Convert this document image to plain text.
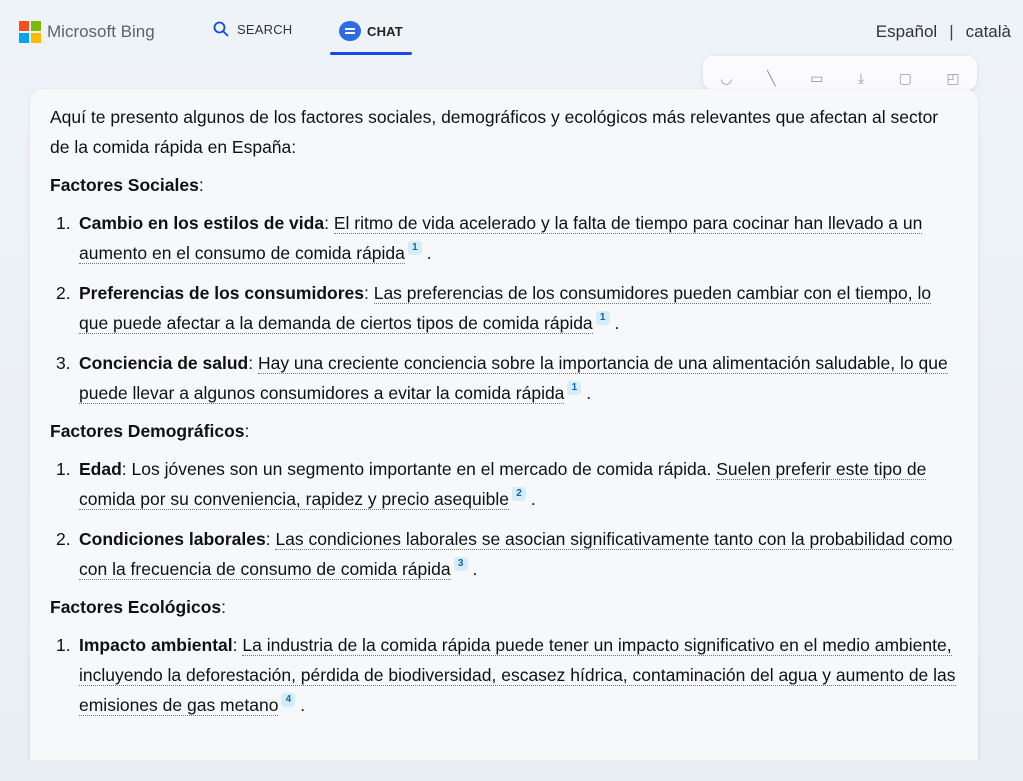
Microsoft Bing	SEARCH	CHAT	Español | català
◡ ╲ ▭ ⤓ ▢ ◰

Aquí te presento algunos de los factores sociales, demográficos y ecológicos más relevantes que afectan al sector de la comida rápida en España:

Factores Sociales:
1. Cambio en los estilos de vida: El ritmo de vida acelerado y la falta de tiempo para cocinar han llevado a un aumento en el consumo de comida rápida 1 .
2. Preferencias de los consumidores: Las preferencias de los consumidores pueden cambiar con el tiempo, lo que puede afectar a la demanda de ciertos tipos de comida rápida 1 .
3. Conciencia de salud: Hay una creciente conciencia sobre la importancia de una alimentación saludable, lo que puede llevar a algunos consumidores a evitar la comida rápida 1 .
Factores Demográficos:
1. Edad: Los jóvenes son un segmento importante en el mercado de comida rápida. Suelen preferir este tipo de comida por su conveniencia, rapidez y precio asequible 2 .
2. Condiciones laborales: Las condiciones laborales se asocian significativamente tanto con la probabilidad como con la frecuencia de consumo de comida rápida 3 .
Factores Ecológicos:
1. Impacto ambiental: La industria de la comida rápida puede tener un impacto significativo en el medio ambiente, incluyendo la deforestación, pérdida de biodiversidad, escasez hídrica, contaminación del agua y aumento de las emisiones de gas metano 4 .
